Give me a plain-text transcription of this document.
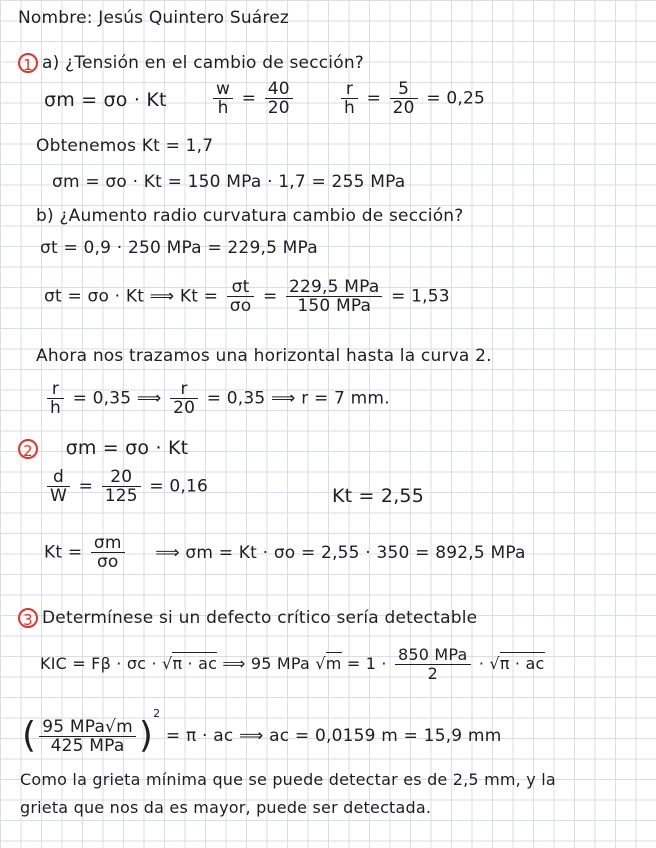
Nombre: Jesús Quintero Suárez
1 a) ¿Tensión en el cambio de sección?
σm = σo · Kt	$\frac{w}{h} = \frac{40}{20}$	$\frac{r}{h} = \frac{5}{20} = 0,25$
Obtenemos Kt = 1,7
σm = σo · Kt = 150 MPa · 1,7 = 255 MPa
b) ¿Aumento radio curvatura cambio de sección?
σt = 0,9 · 250 MPa = 229,5 MPa
σt = σo · Kt ⟹ $Kt = \frac{\sigma t}{\sigma o} = \frac{\text{229,5 MPa}}{\text{150 MPa}} = 1,53$
Ahora nos trazamos una horizontal hasta la curva 2.
$\frac{r}{h} = 0,35$ ⟹ $\frac{r}{20} = 0,35$ ⟹ r = 7 mm.
2 σm = σo · Kt
$\frac{d}{W} = \frac{20}{125} = 0,16$	Kt = 2,55
$Kt = \frac{\sigma m}{\sigma o}$ ⟹ σm = Kt · σo = 2,55 · 350 = 892,5 MPa
3 Determínese si un defecto crítico sería detectable
KIC = Fβ · σc · √π · ac ⟹ 95 MPa $√m = 1 \cdot \frac{\text{850 MPa}}{2} \cdot √\pi$ · ac
( $\frac{\text{95 MPa√m}}{\text{425 MPa}} )^2 = \pi$ · ac ⟹ ac = 0,0159 m = 15,9 mm
Como la grieta mínima que se puede detectar es de 2,5 mm, y la
grieta que nos da es mayor, puede ser detectada.
